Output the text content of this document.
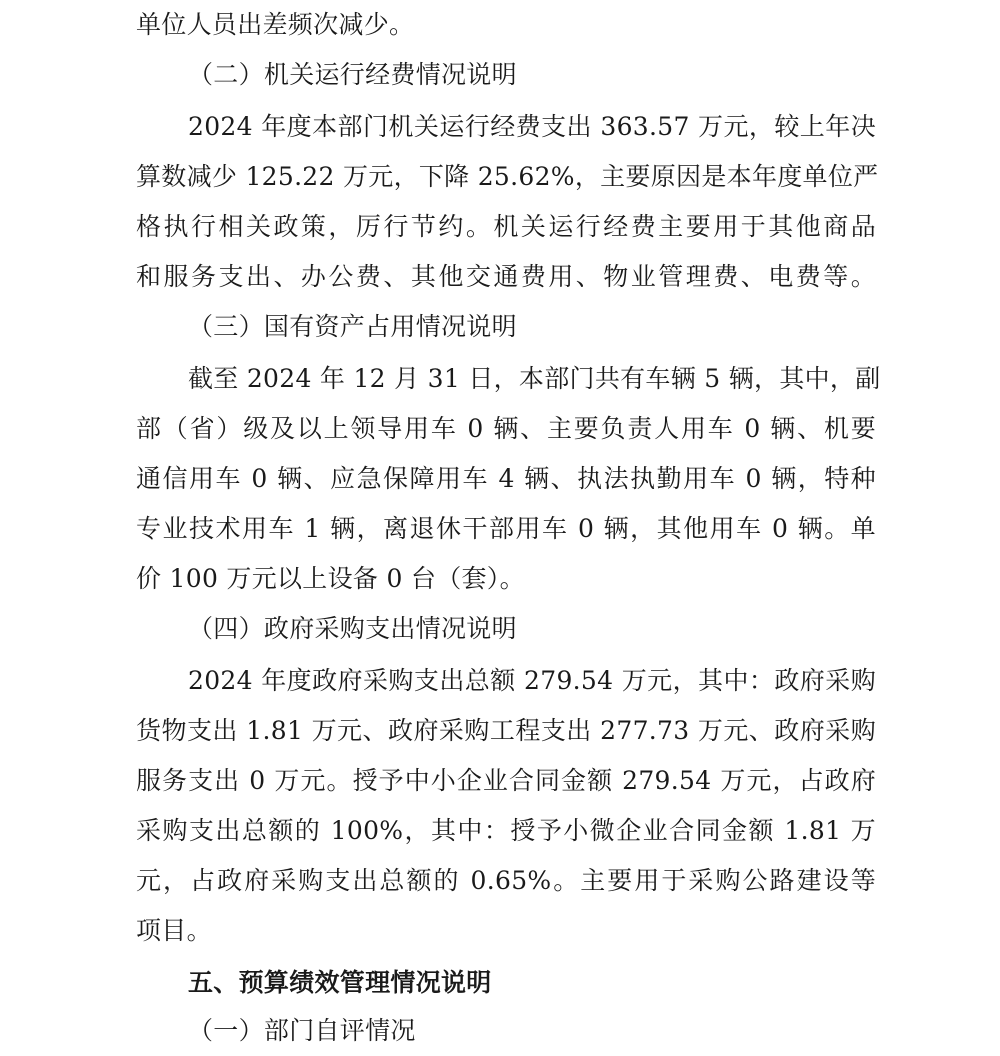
单位人员出差频次减少。
（二）机关运行经费情况说明
2024 年度本部门机关运行经费支出 363.57 万元，较上年决
算数减少 125.22 万元，下降 25.62%，主要原因是本年度单位严
格执行相关政策，厉行节约。机关运行经费主要用于其他商品
和服务支出、办公费、其他交通费用、物业管理费、电费等。
（三）国有资产占用情况说明
截至 2024 年 12 月 31 日，本部门共有车辆 5 辆，其中，副
部（省）级及以上领导用车 0 辆、主要负责人用车 0 辆、机要
通信用车 0 辆、应急保障用车 4 辆、执法执勤用车 0 辆，特种
专业技术用车 1 辆，离退休干部用车 0 辆，其他用车 0 辆。单
价 100 万元以上设备 0 台（套）。
（四）政府采购支出情况说明
2024 年度政府采购支出总额 279.54 万元，其中：政府采购
货物支出 1.81 万元、政府采购工程支出 277.73 万元、政府采购
服务支出 0 万元。授予中小企业合同金额 279.54 万元，占政府
采购支出总额的 100%，其中：授予小微企业合同金额 1.81 万
元，占政府采购支出总额的 0.65%。主要用于采购公路建设等
项目。
五、预算绩效管理情况说明
（一）部门自评情况
